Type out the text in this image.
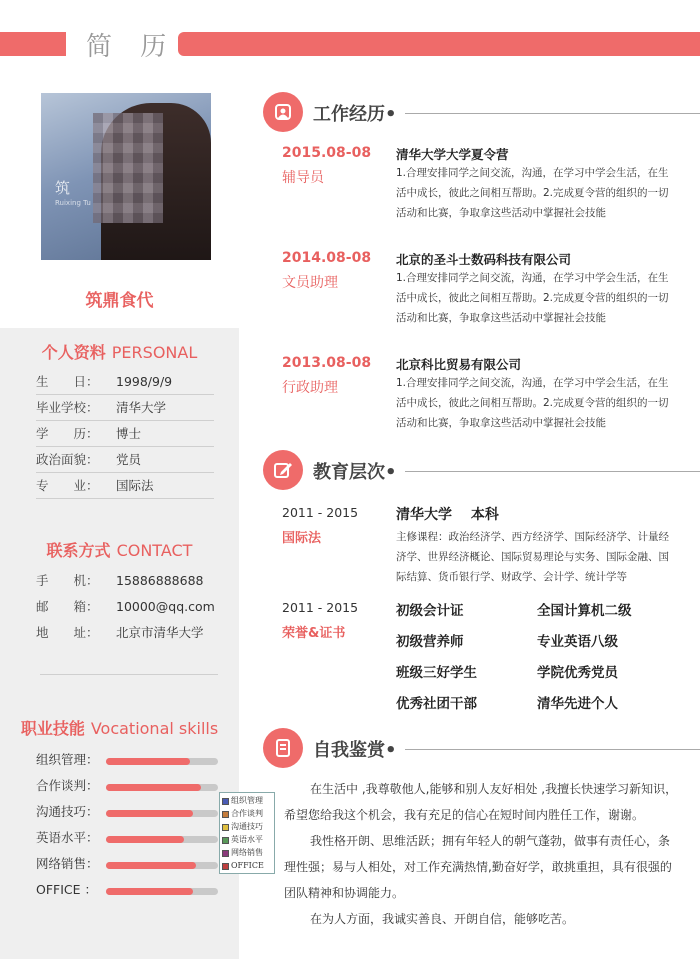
简 历
筑
Ruixing Tu
筑鼎食代
个人资料 PERSONAL
生　　日： 1998/9/9
毕业学校： 清华大学
学　　历： 博士
政治面貌： 党员
专　　业： 国际法
联系方式 CONTACT
手　　机： 15886888688
邮　　箱： 10000@qq.com
地　　址： 北京市清华大学
职业技能 Vocational skills
组织管理：
合作谈判：
沟通技巧：
英语水平：
网络销售：
OFFICE ：
组织管理
合作谈判
沟通技巧
英语水平
网络销售
OFFICE
工作经历•
2015.08-08
辅导员
清华大学大学夏令营
1.合理安排同学之间交流，沟通，在学习中学会生活，在生活中成长，彼此之间相互帮助。2.完成夏令营的组织的一切活动和比赛，争取拿这些活动中掌握社会技能
2014.08-08
文员助理
北京的圣斗士数码科技有限公司
1.合理安排同学之间交流，沟通，在学习中学会生活，在生活中成长，彼此之间相互帮助。2.完成夏令营的组织的一切活动和比赛，争取拿这些活动中掌握社会技能
2013.08-08
行政助理
北京科比贸易有限公司
1.合理安排同学之间交流，沟通，在学习中学会生活，在生活中成长，彼此之间相互帮助。2.完成夏令营的组织的一切活动和比赛，争取拿这些活动中掌握社会技能
教育层次•
2011 - 2015
国际法
清华大学　 本科
主修课程：政治经济学、西方经济学、国际经济学、计量经济学、世界经济概论、国际贸易理论与实务、国际金融、国际结算、货币银行学、财政学、会计学、统计学等
2011 - 2015
荣誉&证书
初级会计证	全国计算机二级
初级营养师	专业英语八级
班级三好学生	学院优秀党员
优秀社团干部	清华先进个人
自我鉴赏•
在生活中 ,我尊敬他人,能够和别人友好相处 ,我擅长快速学习新知识，希望您给我这个机会，我有充足的信心在短时间内胜任工作，谢谢。
我性格开朗、思维活跃；拥有年轻人的朝气蓬勃，做事有责任心，条理性强；易与人相处，对工作充满热情,勤奋好学，敢挑重担，具有很强的团队精神和协调能力。
在为人方面，我诚实善良、开朗自信，能够吃苦。
